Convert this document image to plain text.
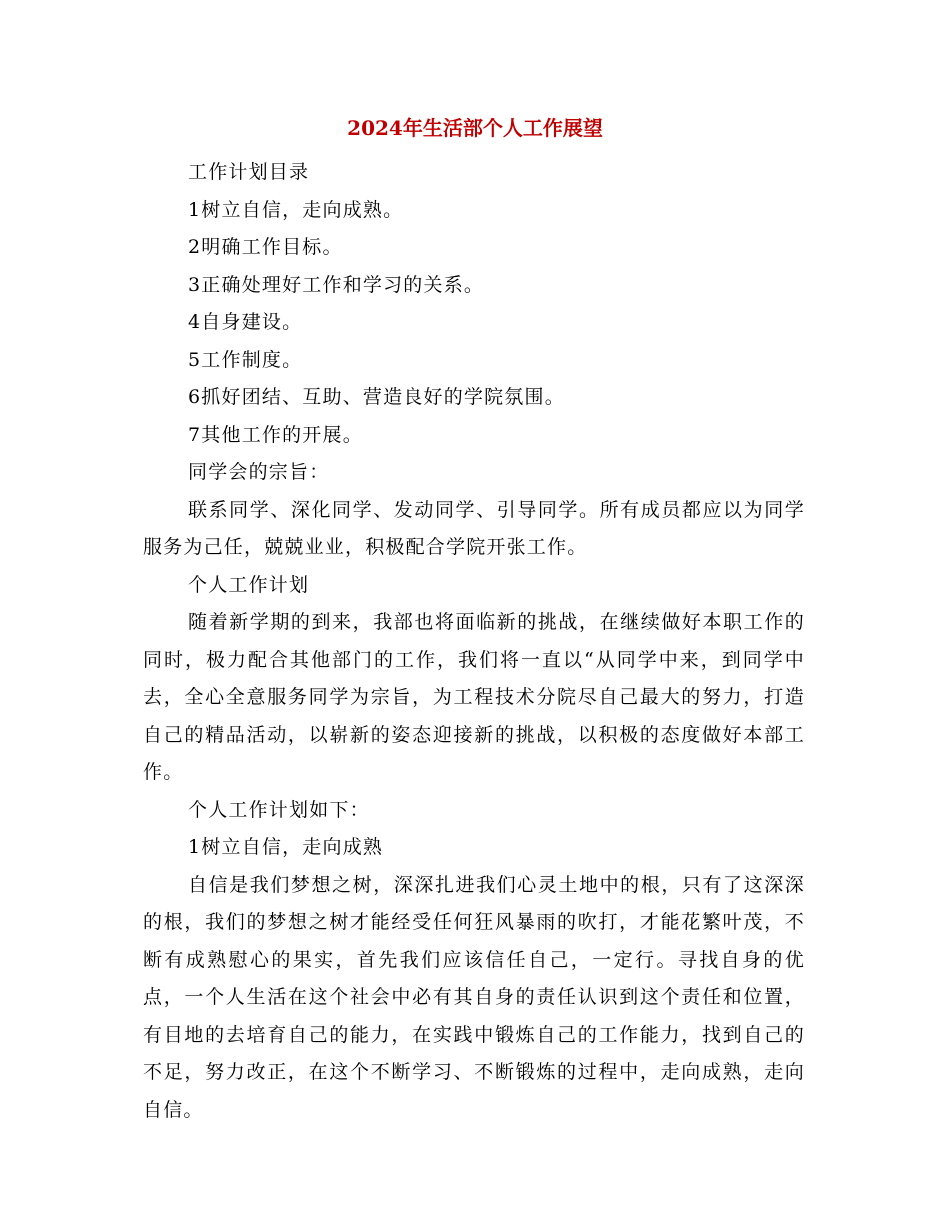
2024年生活部个人工作展望

工作计划目录

1树立自信，走向成熟。

2明确工作目标。

3正确处理好工作和学习的关系。

4自身建设。

5工作制度。

6抓好团结、互助、营造良好的学院氛围。

7其他工作的开展。

同学会的宗旨：

联系同学、深化同学、发动同学、引导同学。所有成员都应以为同学服务为己任，兢兢业业，积极配合学院开张工作。

个人工作计划

随着新学期的到来，我部也将面临新的挑战，在继续做好本职工作的同时，极力配合其他部门的工作，我们将一直以“从同学中来，到同学中去，全心全意服务同学为宗旨，为工程技术分院尽自己最大的努力，打造自己的精品活动，以崭新的姿态迎接新的挑战，以积极的态度做好本部工作。

个人工作计划如下：

1树立自信，走向成熟

自信是我们梦想之树，深深扎进我们心灵土地中的根，只有了这深深的根，我们的梦想之树才能经受任何狂风暴雨的吹打，才能花繁叶茂，不断有成熟慰心的果实，首先我们应该信任自己，一定行。寻找自身的优点，一个人生活在这个社会中必有其自身的责任认识到这个责任和位置，有目地的去培育自己的能力，在实践中锻炼自己的工作能力，找到自己的不足，努力改正，在这个不断学习、不断锻炼的过程中，走向成熟，走向自信。
